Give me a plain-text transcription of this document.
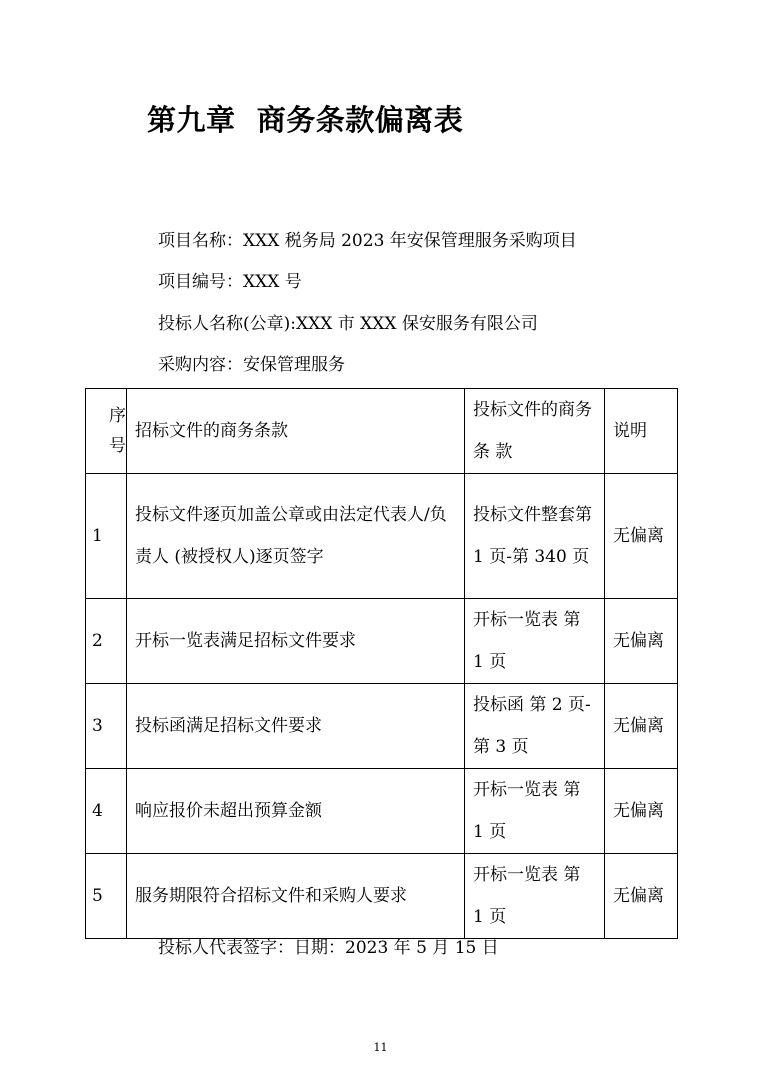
第九章  商务条款偏离表
项目名称：XXX 税务局 2023 年安保管理服务采购项目
项目编号：XXX 号
投标人名称(公章):XXX 市 XXX 保安服务有限公司
采购内容：安保管理服务
序号	招标文件的商务条款	投标文件的商务条 款	说明
1	投标文件逐页加盖公章或由法定代表人/负责人 (被授权人)逐页签字	投标文件整套第 1 页-第 340 页	无偏离
2	开标一览表满足招标文件要求	开标一览表 第 1 页	无偏离
3	投标函满足招标文件要求	投标函 第 2 页-第 3 页	无偏离
4	响应报价未超出预算金额	开标一览表 第 1 页	无偏离
5	服务期限符合招标文件和采购人要求	开标一览表 第 1 页	无偏离
投标人代表签字：日期：2023 年 5 月 15 日
11
